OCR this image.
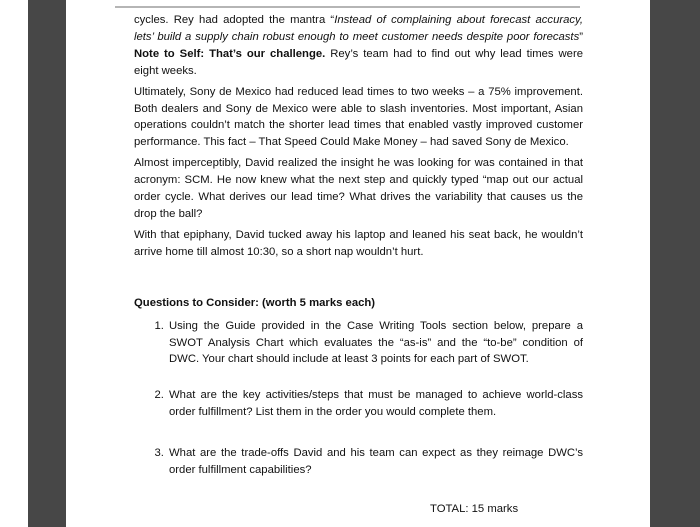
cycles. Rey had adopted the mantra “Instead of complaining about forecast accuracy, lets’ build a supply chain robust enough to meet customer needs despite poor forecasts” Note to Self: That’s our challenge. Rey’s team had to find out why lead times were eight weeks.

Ultimately, Sony de Mexico had reduced lead times to two weeks – a 75% improvement. Both dealers and Sony de Mexico were able to slash inventories. Most important, Asian operations couldn’t match the shorter lead times that enabled vastly improved customer performance. This fact – That Speed Could Make Money – had saved Sony de Mexico.

Almost imperceptibly, David realized the insight he was looking for was contained in that acronym: SCM. He now knew what the next step and quickly typed “map out our actual order cycle. What derives our lead time? What drives the variability that causes us the drop the ball?

With that epiphany, David tucked away his laptop and leaned his seat back, he wouldn’t arrive home till almost 10:30, so a short nap wouldn’t hurt.

Questions to Consider: (worth 5 marks each)
1. Using the Guide provided in the Case Writing Tools section below, prepare a SWOT Analysis Chart which evaluates the “as-is” and the “to-be” condition of DWC. Your chart should include at least 3 points for each part of SWOT.
2. What are the key activities/steps that must be managed to achieve world-class order fulfillment? List them in the order you would complete them.
3. What are the trade-offs David and his team can expect as they reimage DWC’s order fulfillment capabilities?
TOTAL: 15 marks
